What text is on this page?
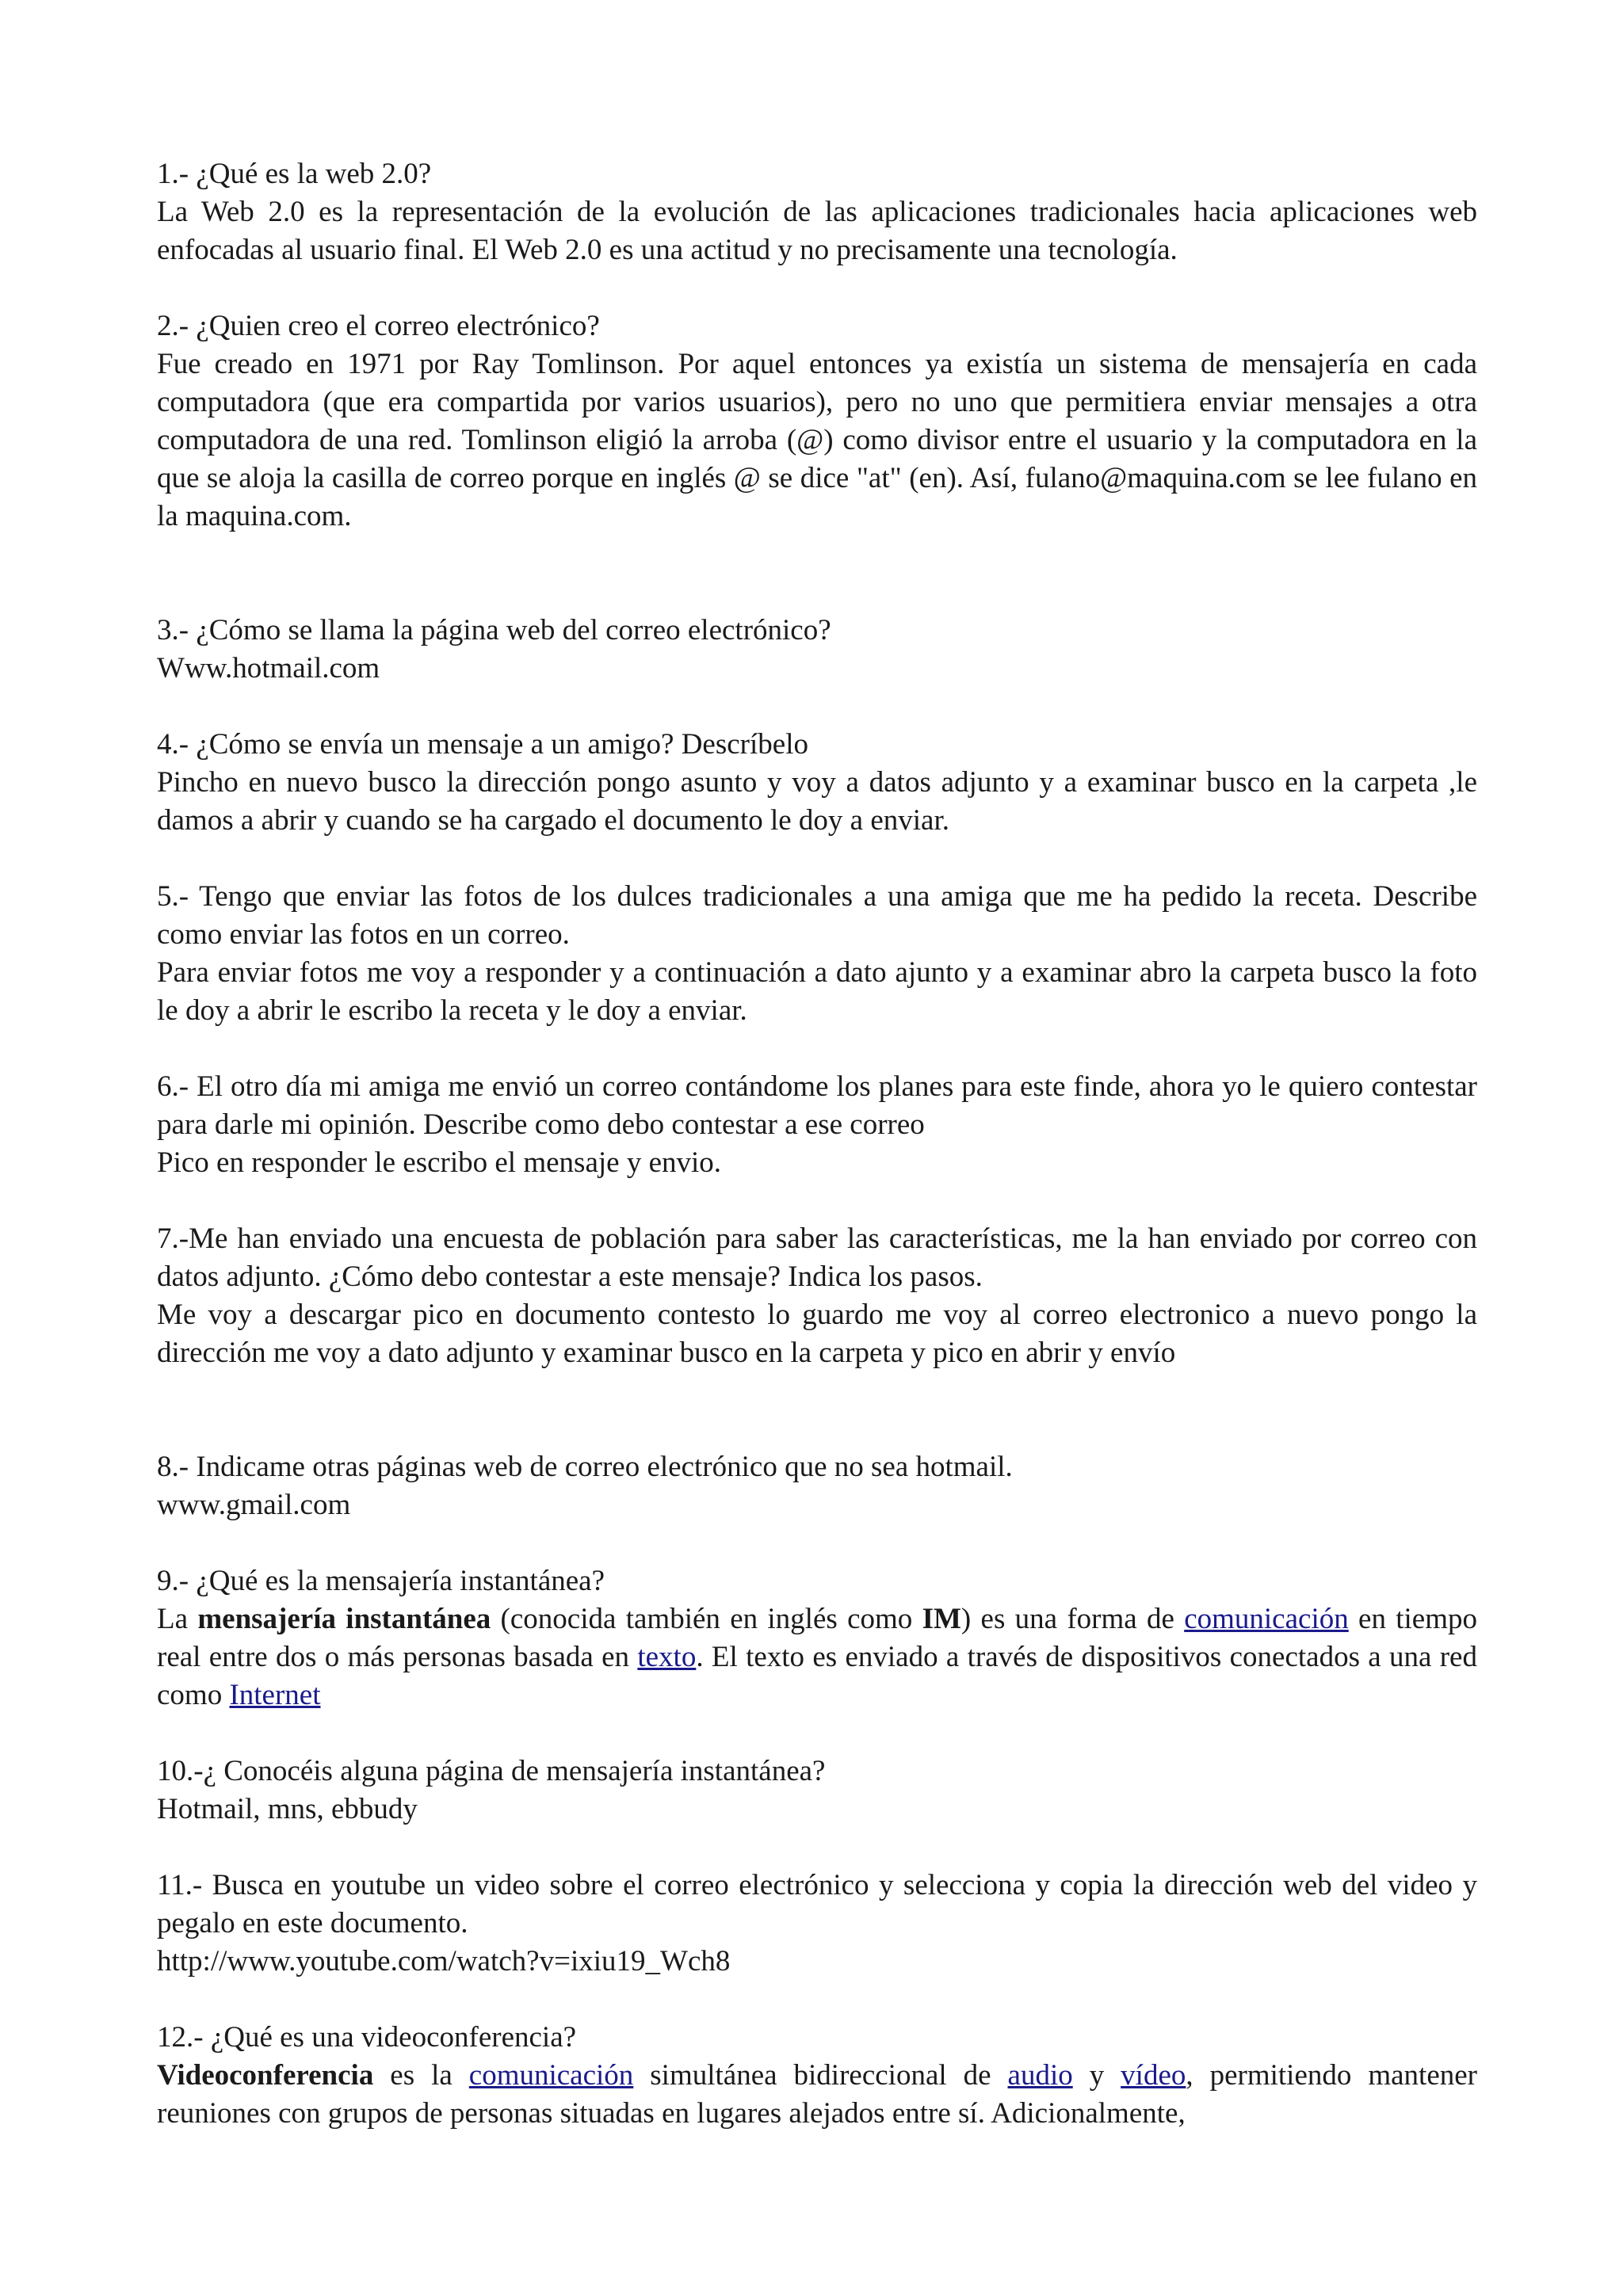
1.- ¿Qué es la web 2.0?
La Web 2.0 es la representación de la evolución de las aplicaciones tradicionales hacia aplicaciones web enfocadas al usuario final. El Web 2.0 es una actitud y no precisamente una tecnología.
2.- ¿Quien creo el correo electrónico?
Fue creado en 1971 por Ray Tomlinson. Por aquel entonces ya existía un sistema de mensajería en cada computadora (que era compartida por varios usuarios), pero no uno que permitiera enviar mensajes a otra computadora de una red. Tomlinson eligió la arroba (@) como divisor entre el usuario y la computadora en la que se aloja la casilla de correo porque en inglés @ se dice "at" (en). Así, fulano@maquina.com se lee fulano en la maquina.com.
3.- ¿Cómo se llama la página web del correo electrónico?
Www.hotmail.com
4.- ¿Cómo se envía un mensaje a un amigo? Descríbelo
Pincho en nuevo busco la dirección pongo asunto y voy a datos adjunto y a examinar busco en la carpeta ,le damos a abrir y cuando se ha cargado el documento le doy a enviar.
5.- Tengo que enviar las fotos de los dulces tradicionales a una amiga que me ha pedido la receta. Describe como enviar las fotos en un correo.
Para enviar fotos me voy a responder y a continuación a dato ajunto y a examinar abro la carpeta busco la foto le doy a abrir le escribo la receta y le doy a enviar.
6.- El otro día mi amiga me envió un correo contándome los planes para este finde, ahora yo le quiero contestar para darle mi opinión. Describe como debo contestar a ese correo
Pico en responder le escribo el mensaje y envio.
7.-Me han enviado una encuesta de población para saber las características, me la han enviado por correo con datos adjunto. ¿Cómo debo contestar a este mensaje? Indica los pasos.
Me voy a descargar pico en documento contesto lo guardo me voy al correo electronico a nuevo pongo la dirección me voy a dato adjunto y examinar busco en la carpeta y pico en abrir y envío
8.- Indicame otras páginas web de correo electrónico que no sea hotmail.
www.gmail.com
9.- ¿Qué es la mensajería instantánea?
La mensajería instantánea (conocida también en inglés como IM) es una forma de comunicación en tiempo real entre dos o más personas basada en texto. El texto es enviado a través de dispositivos conectados a una red como Internet
10.-¿ Conocéis alguna página de mensajería instantánea?
Hotmail, mns, ebbudy
11.- Busca en youtube un video sobre el correo electrónico y selecciona y copia la dirección web del video y pegalo en este documento.
http://www.youtube.com/watch?v=ixiu19_Wch8
12.- ¿Qué es una videoconferencia?
Videoconferencia es la comunicación simultánea bidireccional de audio y vídeo, permitiendo mantener reuniones con grupos de personas situadas en lugares alejados entre sí. Adicionalmente,
